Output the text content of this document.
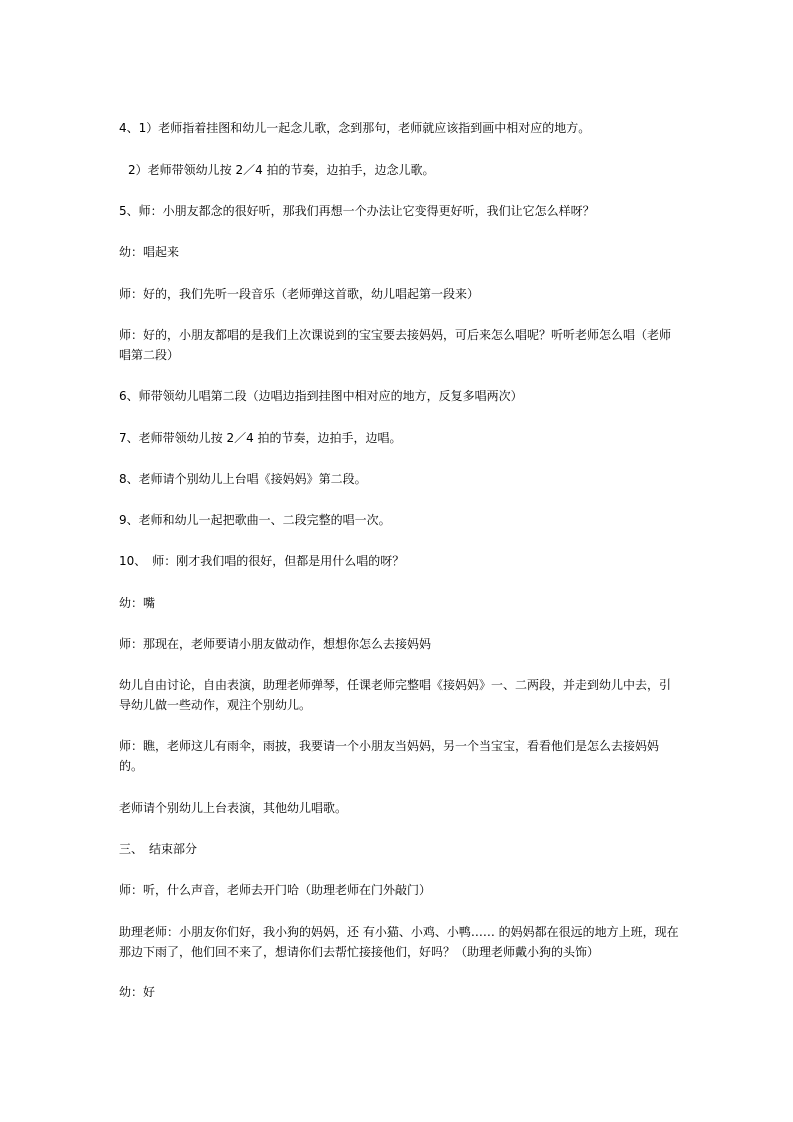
4、1）老师指着挂图和幼儿一起念儿歌，念到那句，老师就应该指到画中相对应的地方。

2）老师带领幼儿按 2／4 拍的节奏，边拍手，边念儿歌。

5、师：小朋友都念的很好听，那我们再想一个办法让它变得更好听，我们让它怎么样呀？

幼：唱起来

师：好的，我们先听一段音乐（老师弹这首歌，幼儿唱起第一段来）

师：好的，小朋友都唱的是我们上次课说到的宝宝要去接妈妈，可后来怎么唱呢？听听老师怎么唱（老师唱第二段）

6、师带领幼儿唱第二段（边唱边指到挂图中相对应的地方，反复多唱两次）

7、老师带领幼儿按 2／4 拍的节奏，边拍手，边唱。

8、老师请个别幼儿上台唱《接妈妈》第二段。

9、老师和幼儿一起把歌曲一、二段完整的唱一次。

10、　师：刚才我们唱的很好，但都是用什么唱的呀？

幼：嘴

师：那现在，老师要请小朋友做动作，想想你怎么去接妈妈

幼儿自由讨论，自由表演，助理老师弹琴，任课老师完整唱《接妈妈》一、二两段，并走到幼儿中去，引导幼儿做一些动作，观注个别幼儿。

师：瞧，老师这儿有雨伞，雨披，我要请一个小朋友当妈妈，另一个当宝宝，看看他们是怎么去接妈妈的。

老师请个别幼儿上台表演，其他幼儿唱歌。

三、　结束部分

师：听，什么声音，老师去开门哈（助理老师在门外敲门）

助理老师：小朋友你们好，我小狗的妈妈，还 有小猫、小鸡、小鸭…… 的妈妈都在很远的地方上班，现在那边下雨了，他们回不来了，想请你们去帮忙接接他们，好吗？（助理老师戴小狗的头饰）

幼：好
